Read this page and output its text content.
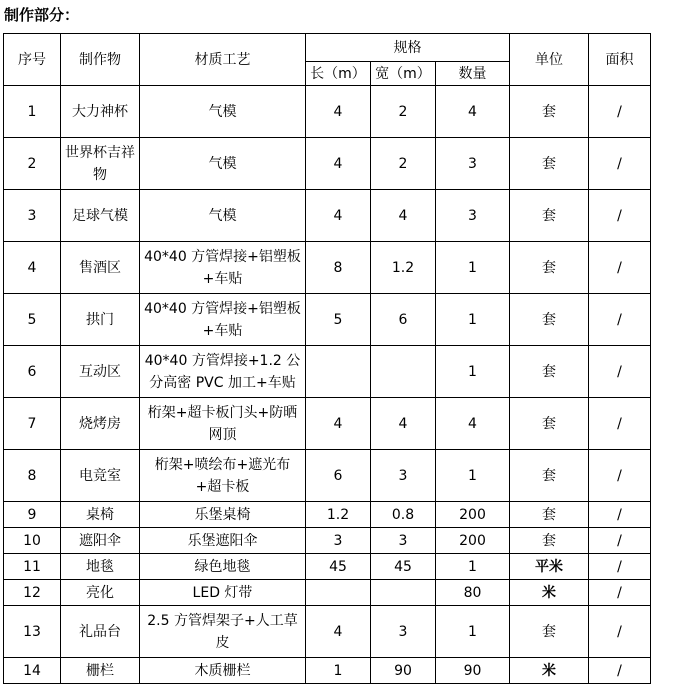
制作部分：
序号	制作物	材质工艺	规格			单位	面积
			长（m）	宽（m）	数量		
1	大力神杯	气模	4	2	4	套	/
2	世界杯吉祥物	气模	4	2	3	套	/
3	足球气模	气模	4	4	3	套	/
4	售酒区	40*40 方管焊接+铝塑板+车贴	8	1.2	1	套	/
5	拱门	40*40 方管焊接+铝塑板+车贴	5	6	1	套	/
6	互动区	40*40 方管焊接+1.2 公分高密 PVC 加工+车贴			1	套	/
7	烧烤房	桁架+超卡板门头+防晒网顶	4	4	4	套	/
8	电竞室	桁架+喷绘布+遮光布+超卡板	6	3	1	套	/
9	桌椅	乐堡桌椅	1.2	0.8	200	套	/
10	遮阳伞	乐堡遮阳伞	3	3	200	套	/
11	地毯	绿色地毯	45	45	1	平米	/
12	亮化	LED 灯带			80	米	/
13	礼品台	2.5 方管焊架子+人工草皮	4	3	1	套	/
14	栅栏	木质栅栏	1	90	90	米	/
